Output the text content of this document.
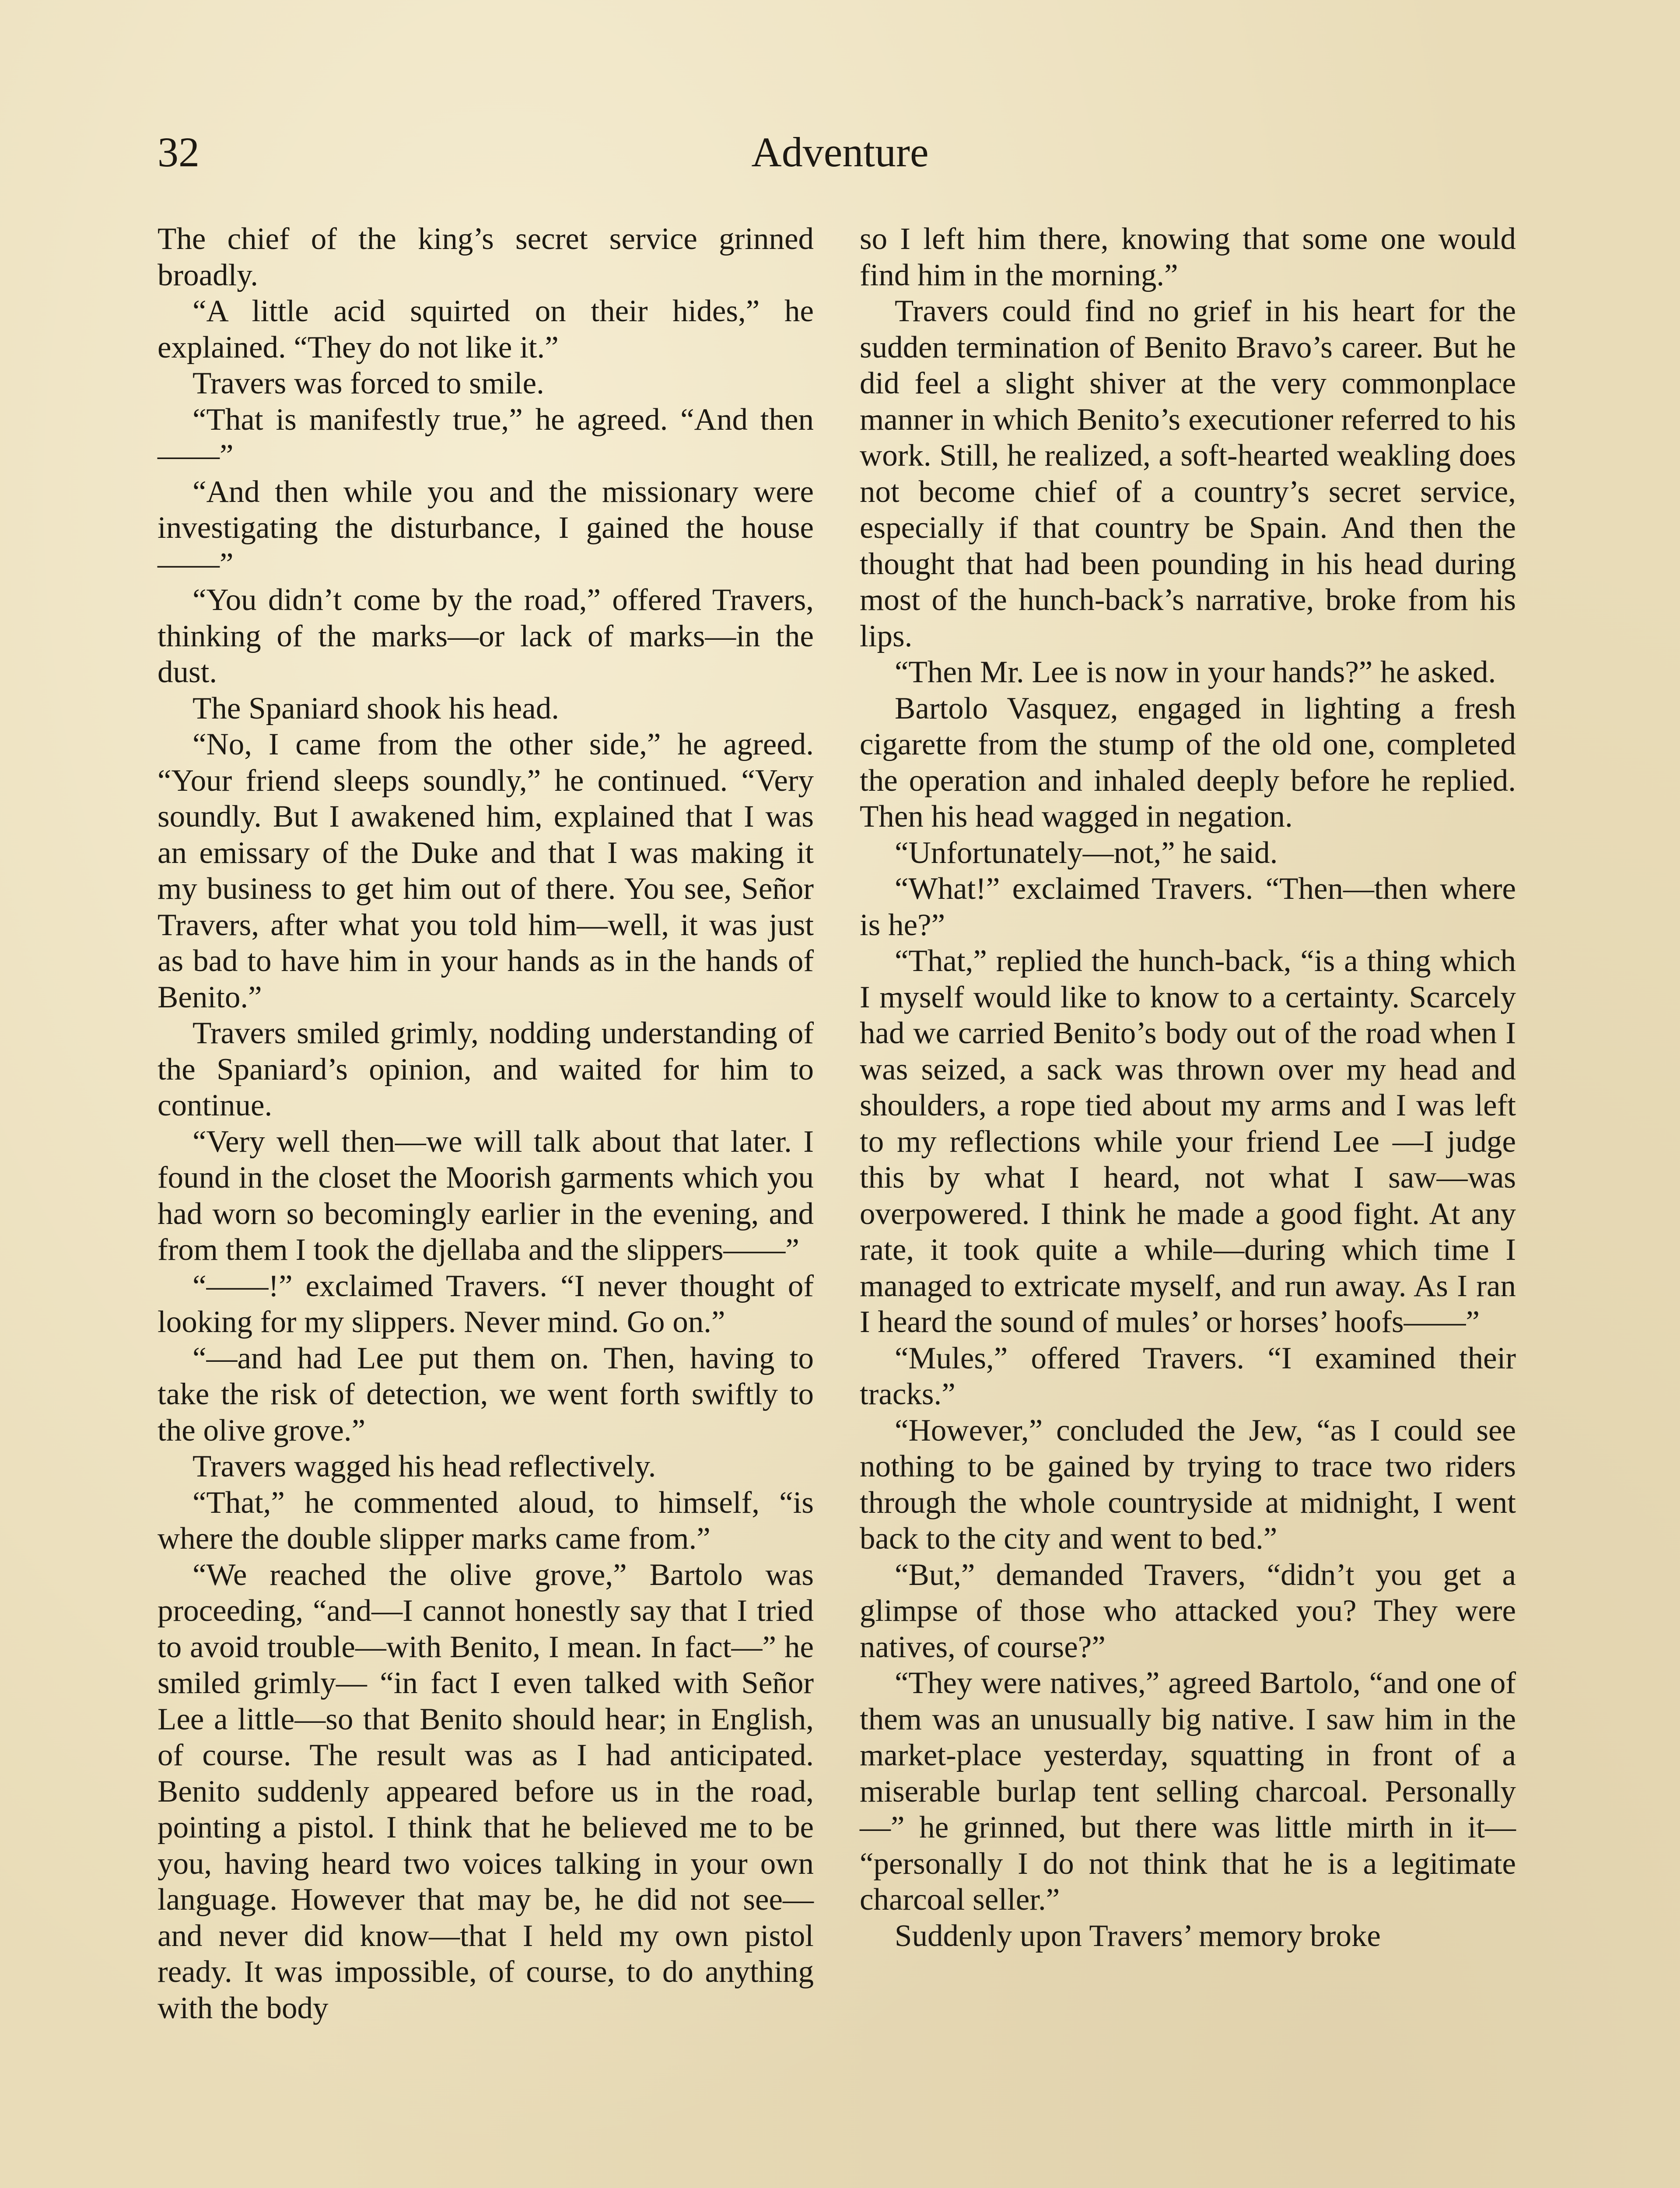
32	Adventure

The chief of the king’s secret service grinned broadly.

“A little acid squirted on their hides,” he explained. “They do not like it.”

Travers was forced to smile.

“That is manifestly true,” he agreed. “And then——”

“And then while you and the missionary were investigating the disturbance, I gained the house——”

“You didn’t come by the road,” offered Travers, thinking of the marks—or lack of marks—in the dust.

The Spaniard shook his head.

“No, I came from the other side,” he agreed. “Your friend sleeps soundly,” he continued. “Very soundly. But I awakened him, explained that I was an emissary of the Duke and that I was making it my business to get him out of there. You see, Señor Travers, after what you told him—well, it was just as bad to have him in your hands as in the hands of Benito.”

Travers smiled grimly, nodding understanding of the Spaniard’s opinion, and waited for him to continue.

“Very well then—we will talk about that later. I found in the closet the Moorish garments which you had worn so becomingly earlier in the evening, and from them I took the djellaba and the slippers——”

“——!” exclaimed Travers. “I never thought of looking for my slippers. Never mind. Go on.”

“—and had Lee put them on. Then, having to take the risk of detection, we went forth swiftly to the olive grove.”

Travers wagged his head reflectively.

“That,” he commented aloud, to himself, “is where the double slipper marks came from.”

“We reached the olive grove,” Bartolo was proceeding, “and—I cannot honestly say that I tried to avoid trouble—with Benito, I mean. In fact—” he smiled grimly— “in fact I even talked with Señor Lee a little—so that Benito should hear; in English, of course. The result was as I had anticipated. Benito suddenly appeared before us in the road, pointing a pistol. I think that he believed me to be you, having heard two voices talking in your own language. However that may be, he did not see—and never did know—that I held my own pistol ready. It was impossible, of course, to do anything with the body

so I left him there, knowing that some one would find him in the morning.”

Travers could find no grief in his heart for the sudden termination of Benito Bravo’s career. But he did feel a slight shiver at the very commonplace manner in which Benito’s executioner referred to his work. Still, he realized, a soft-hearted weakling does not become chief of a country’s secret service, especially if that country be Spain. And then the thought that had been pounding in his head during most of the hunch-back’s narrative, broke from his lips.

“Then Mr. Lee is now in your hands?” he asked.

Bartolo Vasquez, engaged in lighting a fresh cigarette from the stump of the old one, completed the operation and inhaled deeply before he replied. Then his head wagged in negation.

“Unfortunately—not,” he said.

“What!” exclaimed Travers. “Then—then where is he?”

“That,” replied the hunch-back, “is a thing which I myself would like to know to a certainty. Scarcely had we carried Benito’s body out of the road when I was seized, a sack was thrown over my head and shoulders, a rope tied about my arms and I was left to my reflections while your friend Lee —I judge this by what I heard, not what I saw—was overpowered. I think he made a good fight. At any rate, it took quite a while—during which time I managed to extricate myself, and run away. As I ran I heard the sound of mules’ or horses’ hoofs——”

“Mules,” offered Travers. “I examined their tracks.”

“However,” concluded the Jew, “as I could see nothing to be gained by trying to trace two riders through the whole countryside at midnight, I went back to the city and went to bed.”

“But,” demanded Travers, “didn’t you get a glimpse of those who attacked you? They were natives, of course?”

“They were natives,” agreed Bartolo, “and one of them was an unusually big native. I saw him in the market-place yesterday, squatting in front of a miserable burlap tent selling charcoal. Personally—” he grinned, but there was little mirth in it— “personally I do not think that he is a legitimate charcoal seller.”

Suddenly upon Travers’ memory broke
